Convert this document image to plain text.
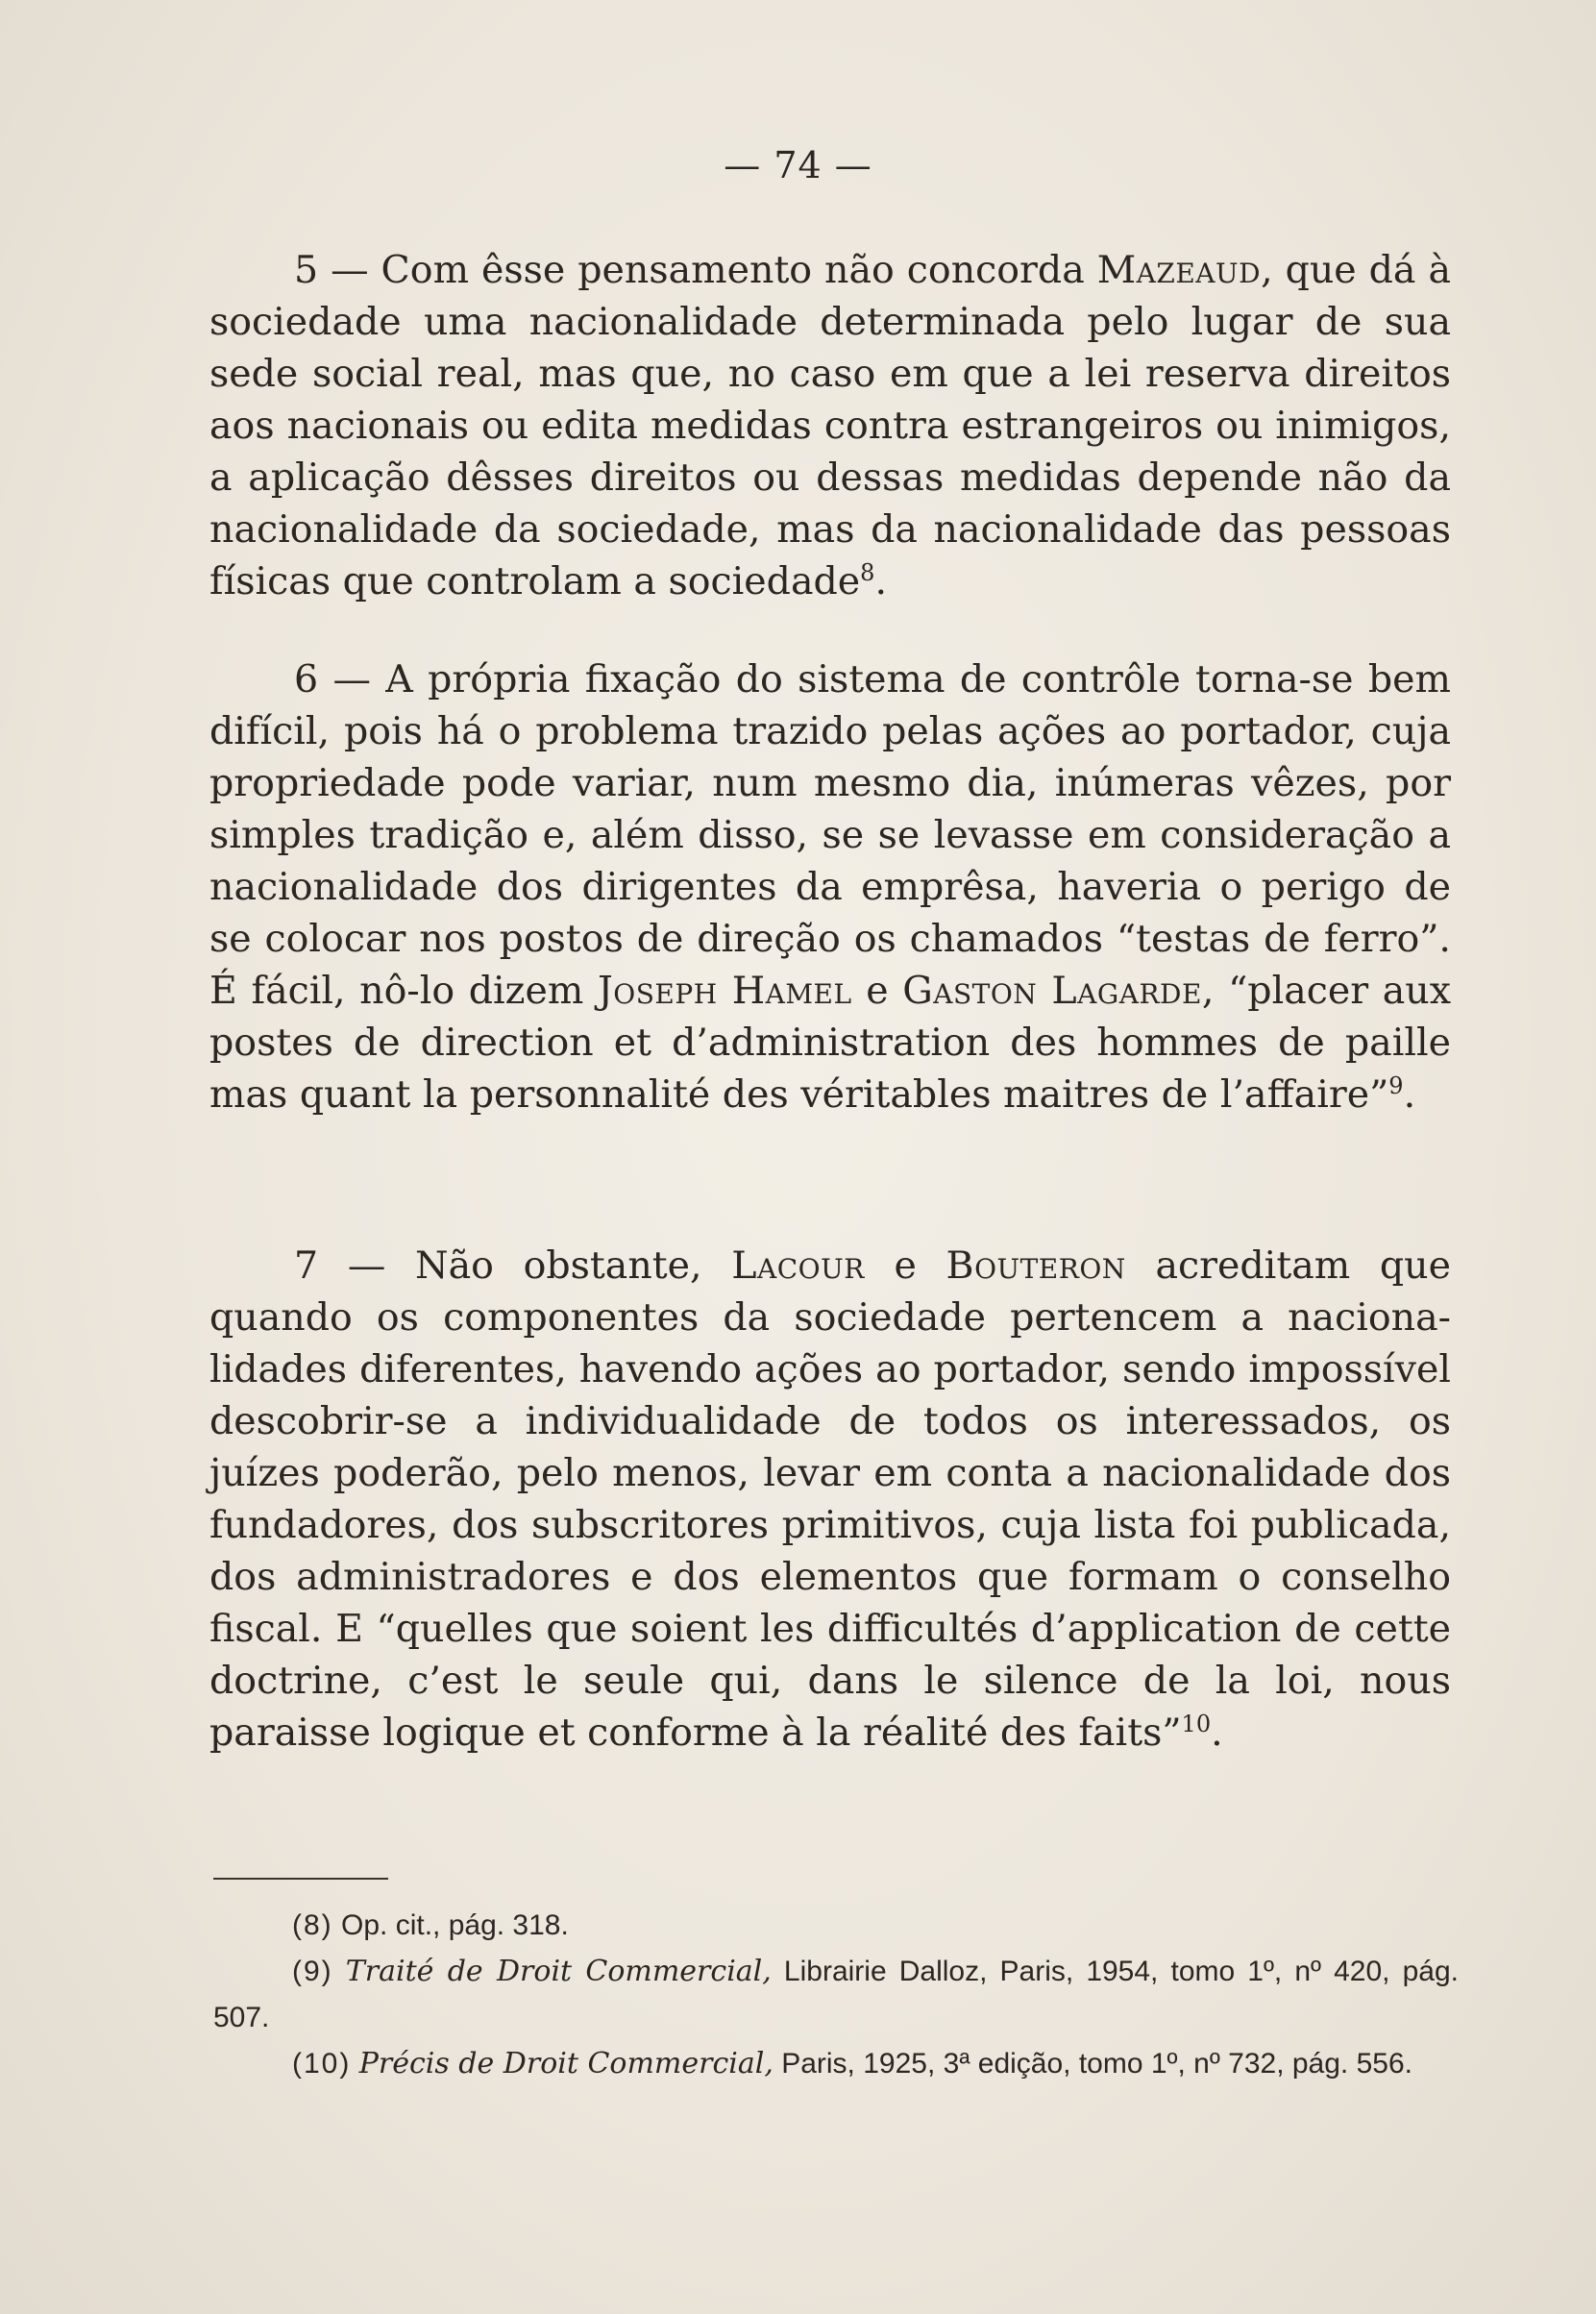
— 74 —

5 — Com êsse pensamento não concorda Mazeaud, que dá à sociedade uma nacionalidade determinada pelo lugar de sua sede social real, mas que, no caso em que a lei reserva direitos aos nacionais ou edita medidas contra estrangeiros ou inimigos, a aplicação dêsses direitos ou dessas medidas depende não da nacionalidade da sociedade, mas da nacionalidade das pessoas físicas que controlam a sociedade$^8$.

6 — A própria fixação do sistema de contrôle torna-se bem difícil, pois há o problema trazido pelas ações ao portador, cuja propriedade pode variar, num mesmo dia, inúmeras vêzes, por simples tradição e, além disso, se se levasse em consideração a nacionalidade dos dirigentes da emprêsa, haveria o perigo de se colocar nos postos de direção os chamados “testas de ferro”. É fácil, nô-lo dizem Joseph Hamel e Gaston Lagarde, “placer aux postes de direction et d’administration des hommes de paille mas quant la personnalité des véritables maitres de l’affaire”$^9$.

7 — Não obstante, Lacour e Bouteron acreditam que quando os componentes da sociedade pertencem a nacionalidades diferentes, havendo ações ao portador, sendo impossível descobrir-se a individualidade de todos os interessados, os juízes poderão, pelo menos, levar em conta a nacionalidade dos fundadores, dos subscritores primitivos, cuja lista foi publicada, dos administradores e dos elementos que formam o conselho fiscal. E “quelles que soient les difficultés d’application de cette doctrine, c’est le seule qui, dans le silence de la loi, nous paraisse logique et conforme à la réalité des faits”$^{10}$.

(8) Op. cit., pág. 318.

(9) Traité de Droit Commercial, Librairie Dalloz, Paris, 1954, tomo 1º, nº 420, pág. 507.

(10) Précis de Droit Commercial, Paris, 1925, 3ª edição, tomo 1º, nº 732, pág. 556.
